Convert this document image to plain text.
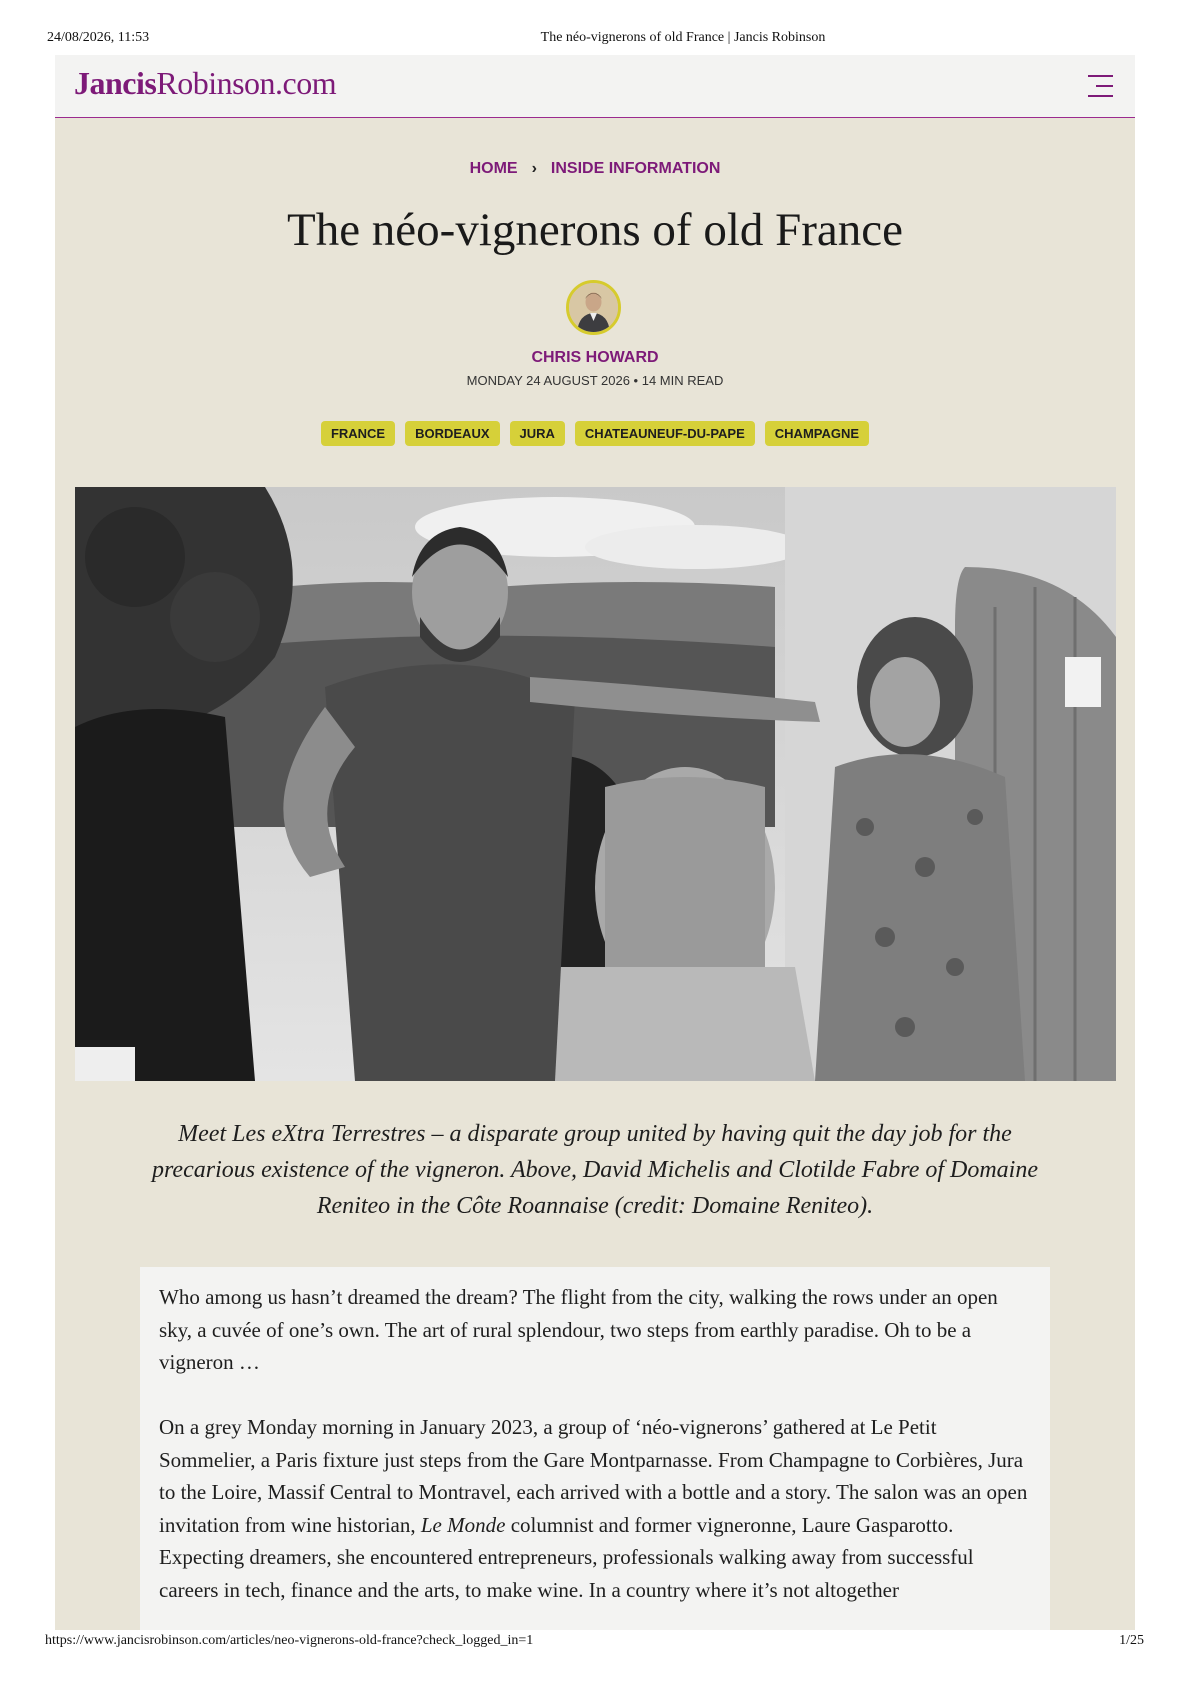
24/08/2026, 11:53	The néo-vignerons of old France | Jancis Robinson
JancisRobinson.com
HOME › INSIDE INFORMATION
The néo-vignerons of old France
CHRIS HOWARD
MONDAY 24 AUGUST 2026 • 14 MIN READ
FRANCE BORDEAUX JURA CHATEAUNEUF-DU-PAPE CHAMPAGNE
Meet Les eXtra Terrestres – a disparate group united by having quit the day job for the precarious existence of the vigneron. Above, David Michelis and Clotilde Fabre of Domaine Reniteo in the Côte Roannaise (credit: Domaine Reniteo).

Who among us hasn’t dreamed the dream? The flight from the city, walking the rows under an open sky, a cuvée of one’s own. The art of rural splendour, two steps from earthly paradise. Oh to be a vigneron …

On a grey Monday morning in January 2023, a group of ‘néo-vignerons’ gathered at Le Petit Sommelier, a Paris fixture just steps from the Gare Montparnasse. From Champagne to Corbières, Jura to the Loire, Massif Central to Montravel, each arrived with a bottle and a story. The salon was an open invitation from wine historian, Le Monde columnist and former vigneronne, Laure Gasparotto. Expecting dreamers, she encountered entrepreneurs, professionals walking away from successful careers in tech, finance and the arts, to make wine. In a country where it’s not altogether

https://www.jancisrobinson.com/articles/neo-vignerons-old-france?check_logged_in=1	1/25
